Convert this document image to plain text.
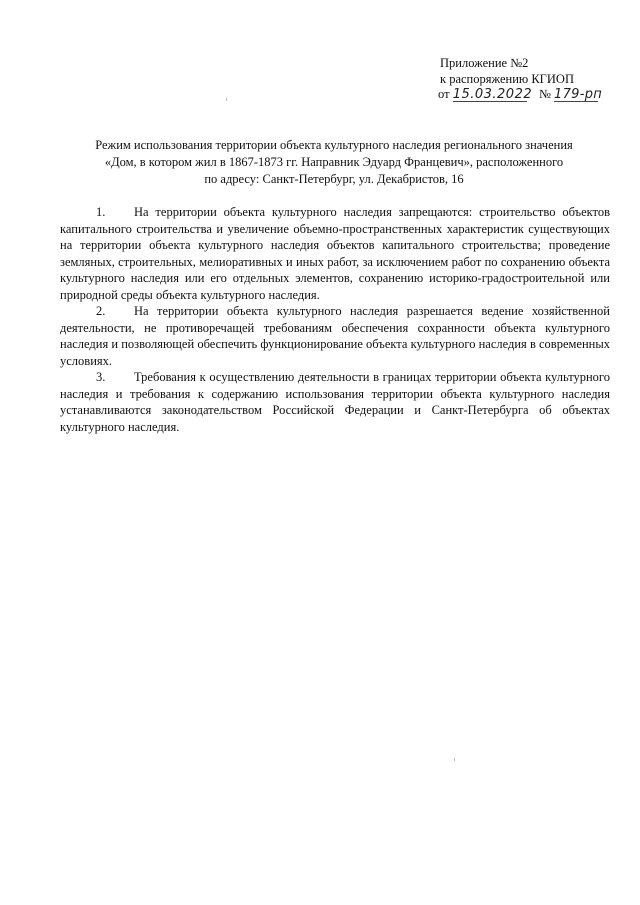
Приложение №2
к распоряжению КГИОП
от 15.03.2022 № 179-рп
Режим использования территории объекта культурного наследия регионального значения
«Дом, в котором жил в 1867-1873 гг. Направник Эдуард Францевич», расположенного
по адресу: Санкт-Петербург, ул. Декабристов, 16

1. На территории объекта культурного наследия запрещаются: строительство объектов капитального строительства и увеличение объемно-пространственных характеристик существующих на территории объекта культурного наследия объектов капитального строительства; проведение земляных, строительных, мелиоративных и иных работ, за исключением работ по сохранению объекта культурного наследия или его отдельных элементов, сохранению историко-градостроительной или природной среды объекта культурного наследия.

2. На территории объекта культурного наследия разрешается ведение хозяйственной деятельности, не противоречащей требованиям обеспечения сохранности объекта культурного наследия и позволяющей обеспечить функционирование объекта культурного наследия в современных условиях.

3. Требования к осуществлению деятельности в границах территории объекта культурного наследия и требования к содержанию использования территории объекта культурного наследия устанавливаются законодательством Российской Федерации и Санкт-Петербурга об объектах культурного наследия.
